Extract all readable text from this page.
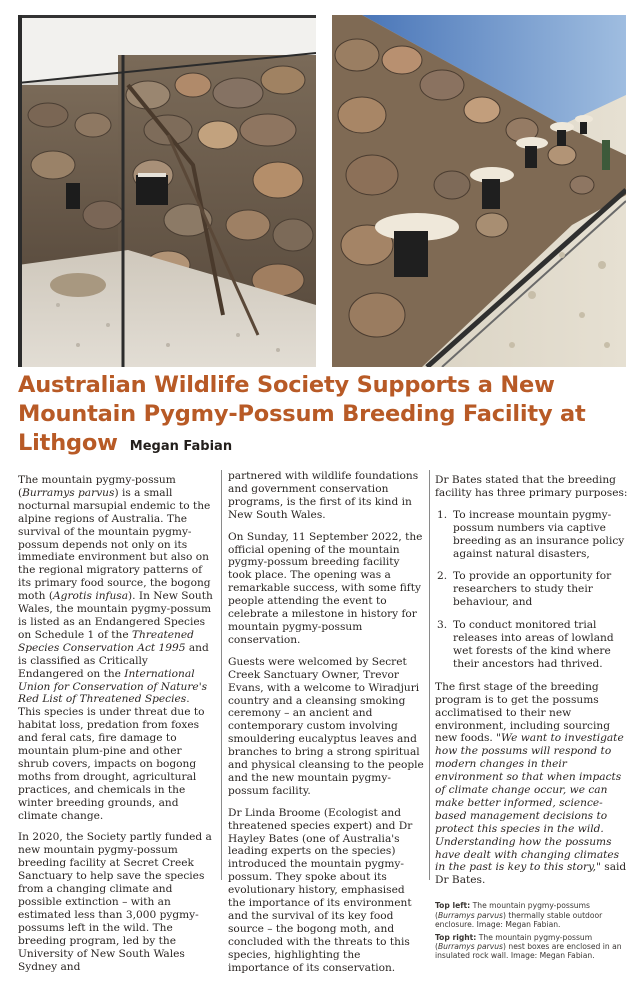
Australian Wildlife Society Supports a New Mountain Pygmy-Possum Breeding Facility at Lithgow Megan Fabian

The mountain pygmy-possum (Burramys parvus) is a small nocturnal marsupial endemic to the alpine regions of Australia. The survival of the mountain pygmy-possum depends not only on its immediate environment but also on the regional migratory patterns of its primary food source, the bogong moth (Agrotis infusa). In New South Wales, the mountain pygmy-possum is listed as an Endangered Species on Schedule 1 of the Threatened Species Conservation Act 1995 and is classified as Critically Endangered on the International Union for Conservation of Nature's Red List of Threatened Species. This species is under threat due to habitat loss, predation from foxes and feral cats, fire damage to mountain plum-pine and other shrub covers, impacts on bogong moths from drought, agricultural practices, and chemicals in the winter breeding grounds, and climate change.

In 2020, the Society partly funded a new mountain pygmy-possum breeding facility at Secret Creek Sanctuary to help save the species from a changing climate and possible extinction – with an estimated less than 3,000 pygmy-possums left in the wild. The breeding program, led by the University of New South Wales Sydney and

partnered with wildlife foundations and government conservation programs, is the first of its kind in New South Wales.

On Sunday, 11 September 2022, the official opening of the mountain pygmy-possum breeding facility took place. The opening was a remarkable success, with some fifty people attending the event to celebrate a milestone in history for mountain pygmy-possum conservation.

Guests were welcomed by Secret Creek Sanctuary Owner, Trevor Evans, with a welcome to Wiradjuri country and a cleansing smoking ceremony – an ancient and contemporary custom involving smouldering eucalyptus leaves and branches to bring a strong spiritual and physical cleansing to the people and the new mountain pygmy-possum facility.

Dr Linda Broome (Ecologist and threatened species expert) and Dr Hayley Bates (one of Australia's leading experts on the species) introduced the mountain pygmy-possum. They spoke about its evolutionary history, emphasised the importance of its environment and the survival of its key food source – the bogong moth, and concluded with the threats to this species, highlighting the importance of its conservation.

Dr Bates stated that the breeding facility has three primary purposes:

1. To increase mountain pygmy-possum numbers via captive breeding as an insurance policy against natural disasters,
2. To provide an opportunity for researchers to study their behaviour, and
3. To conduct monitored trial releases into areas of lowland wet forests of the kind where their ancestors had thrived.

The first stage of the breeding program is to get the possums acclimatised to their new environment, including sourcing new foods. "We want to investigate how the possums will respond to modern changes in their environment so that when impacts of climate change occur, we can make better informed, science-based management decisions to protect this species in the wild. Understanding how the possums have dealt with changing climates in the past is key to this story," said Dr Bates.

Top left: The mountain pygmy-possums (Burramys parvus) thermally stable outdoor enclosure. Image: Megan Fabian.
Top right: The mountain pygmy-possum (Burramys parvus) nest boxes are enclosed in an insulated rock wall. Image: Megan Fabian.
